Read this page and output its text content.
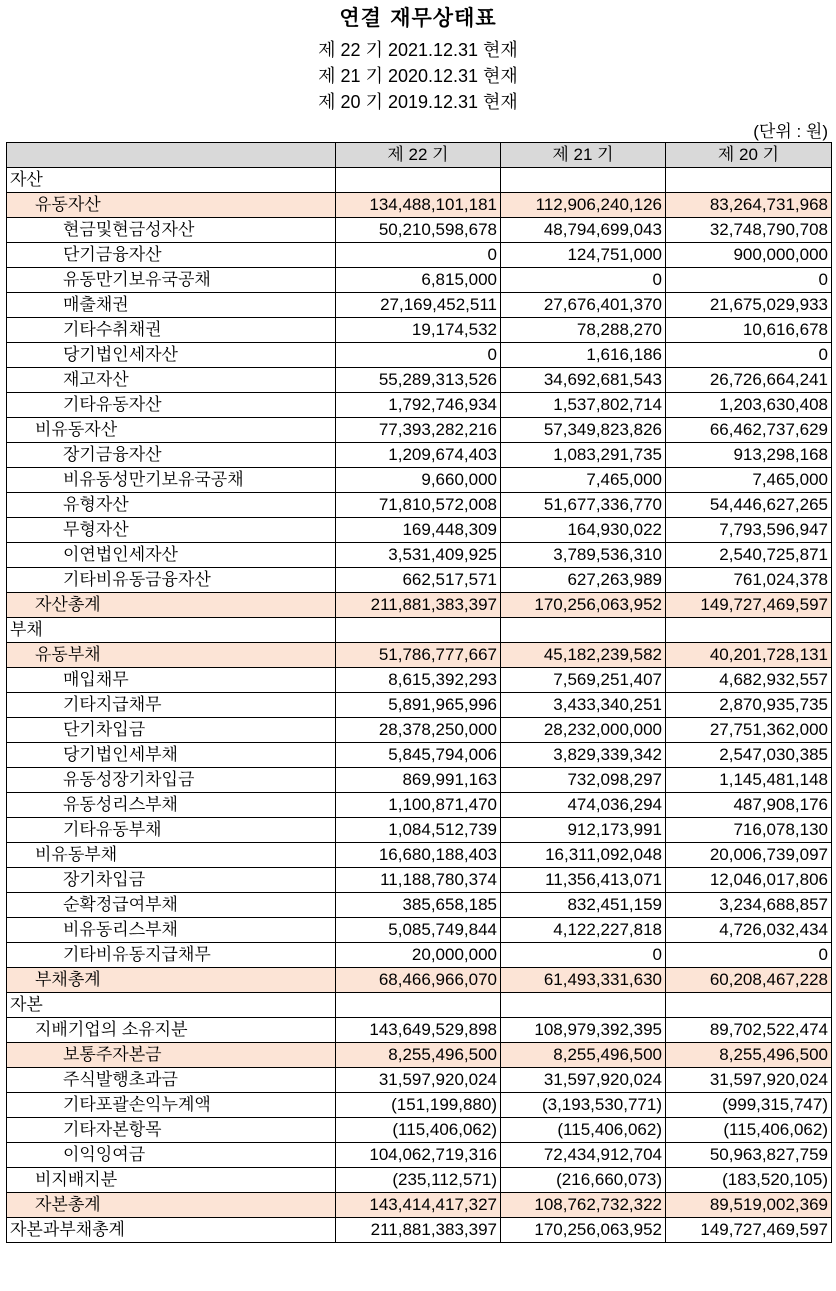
연결 재무상태표
제 22 기 2021.12.31 현재
제 21 기 2020.12.31 현재
제 20 기 2019.12.31 현재
(단위 : 원)
	제 22 기	제 21 기	제 20 기
자산			
유동자산	134,488,101,181	112,906,240,126	83,264,731,968
현금및현금성자산	50,210,598,678	48,794,699,043	32,748,790,708
단기금융자산	0	124,751,000	900,000,000
유동만기보유국공채	6,815,000	0	0
매출채권	27,169,452,511	27,676,401,370	21,675,029,933
기타수취채권	19,174,532	78,288,270	10,616,678
당기법인세자산	0	1,616,186	0
재고자산	55,289,313,526	34,692,681,543	26,726,664,241
기타유동자산	1,792,746,934	1,537,802,714	1,203,630,408
비유동자산	77,393,282,216	57,349,823,826	66,462,737,629
장기금융자산	1,209,674,403	1,083,291,735	913,298,168
비유동성만기보유국공채	9,660,000	7,465,000	7,465,000
유형자산	71,810,572,008	51,677,336,770	54,446,627,265
무형자산	169,448,309	164,930,022	7,793,596,947
이연법인세자산	3,531,409,925	3,789,536,310	2,540,725,871
기타비유동금융자산	662,517,571	627,263,989	761,024,378
자산총계	211,881,383,397	170,256,063,952	149,727,469,597
부채			
유동부채	51,786,777,667	45,182,239,582	40,201,728,131
매입채무	8,615,392,293	7,569,251,407	4,682,932,557
기타지급채무	5,891,965,996	3,433,340,251	2,870,935,735
단기차입금	28,378,250,000	28,232,000,000	27,751,362,000
당기법인세부채	5,845,794,006	3,829,339,342	2,547,030,385
유동성장기차입금	869,991,163	732,098,297	1,145,481,148
유동성리스부채	1,100,871,470	474,036,294	487,908,176
기타유동부채	1,084,512,739	912,173,991	716,078,130
비유동부채	16,680,188,403	16,311,092,048	20,006,739,097
장기차입금	11,188,780,374	11,356,413,071	12,046,017,806
순확정급여부채	385,658,185	832,451,159	3,234,688,857
비유동리스부채	5,085,749,844	4,122,227,818	4,726,032,434
기타비유동지급채무	20,000,000	0	0
부채총계	68,466,966,070	61,493,331,630	60,208,467,228
자본			
지배기업의 소유지분	143,649,529,898	108,979,392,395	89,702,522,474
보통주자본금	8,255,496,500	8,255,496,500	8,255,496,500
주식발행초과금	31,597,920,024	31,597,920,024	31,597,920,024
기타포괄손익누계액	(151,199,880)	(3,193,530,771)	(999,315,747)
기타자본항목	(115,406,062)	(115,406,062)	(115,406,062)
이익잉여금	104,062,719,316	72,434,912,704	50,963,827,759
비지배지분	(235,112,571)	(216,660,073)	(183,520,105)
자본총계	143,414,417,327	108,762,732,322	89,519,002,369
자본과부채총계	211,881,383,397	170,256,063,952	149,727,469,597
